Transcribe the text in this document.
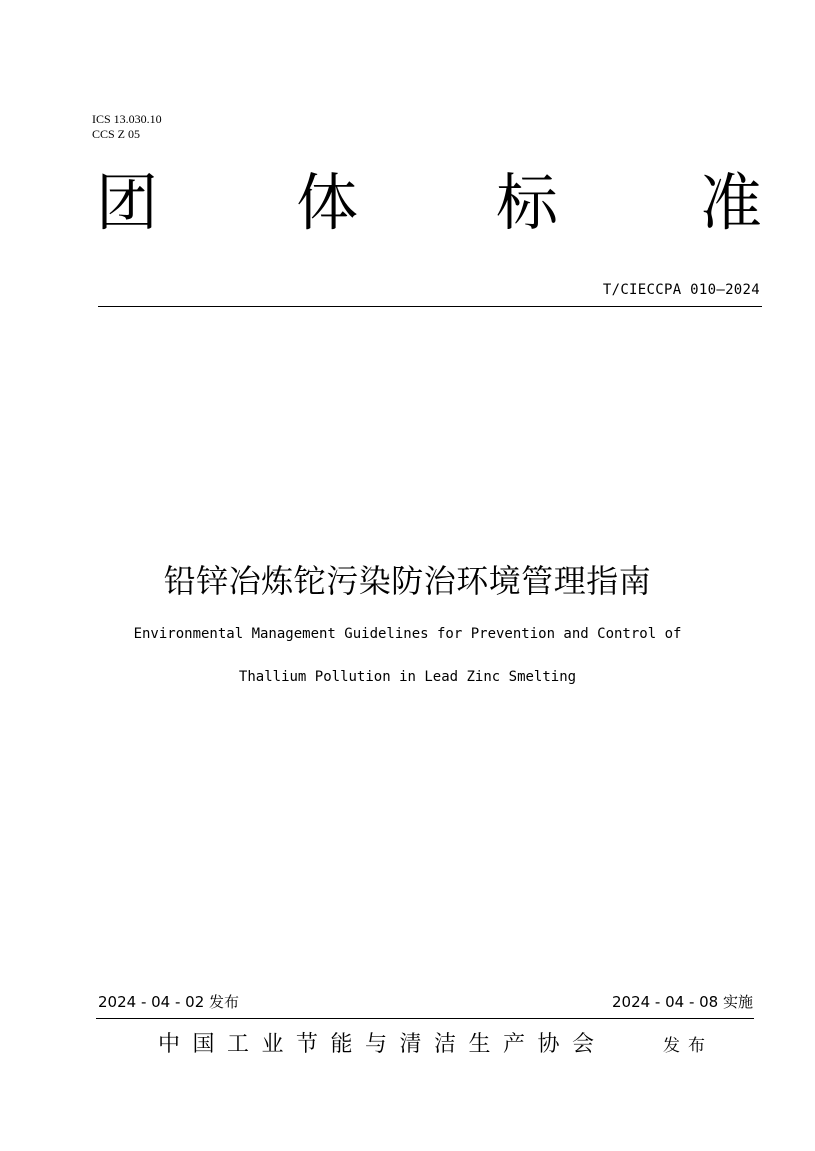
ICS 13.030.10
CCS Z 05
团 体 标 准
T/CIECCPA 010—2024
铅锌冶炼铊污染防治环境管理指南
Environmental Management Guidelines for Prevention and Control of
Thallium Pollution in Lead Zinc Smelting
2024 - 04 - 02 发布	2024 - 04 - 08 实施
中国工业节能与清洁生产协会	发布
